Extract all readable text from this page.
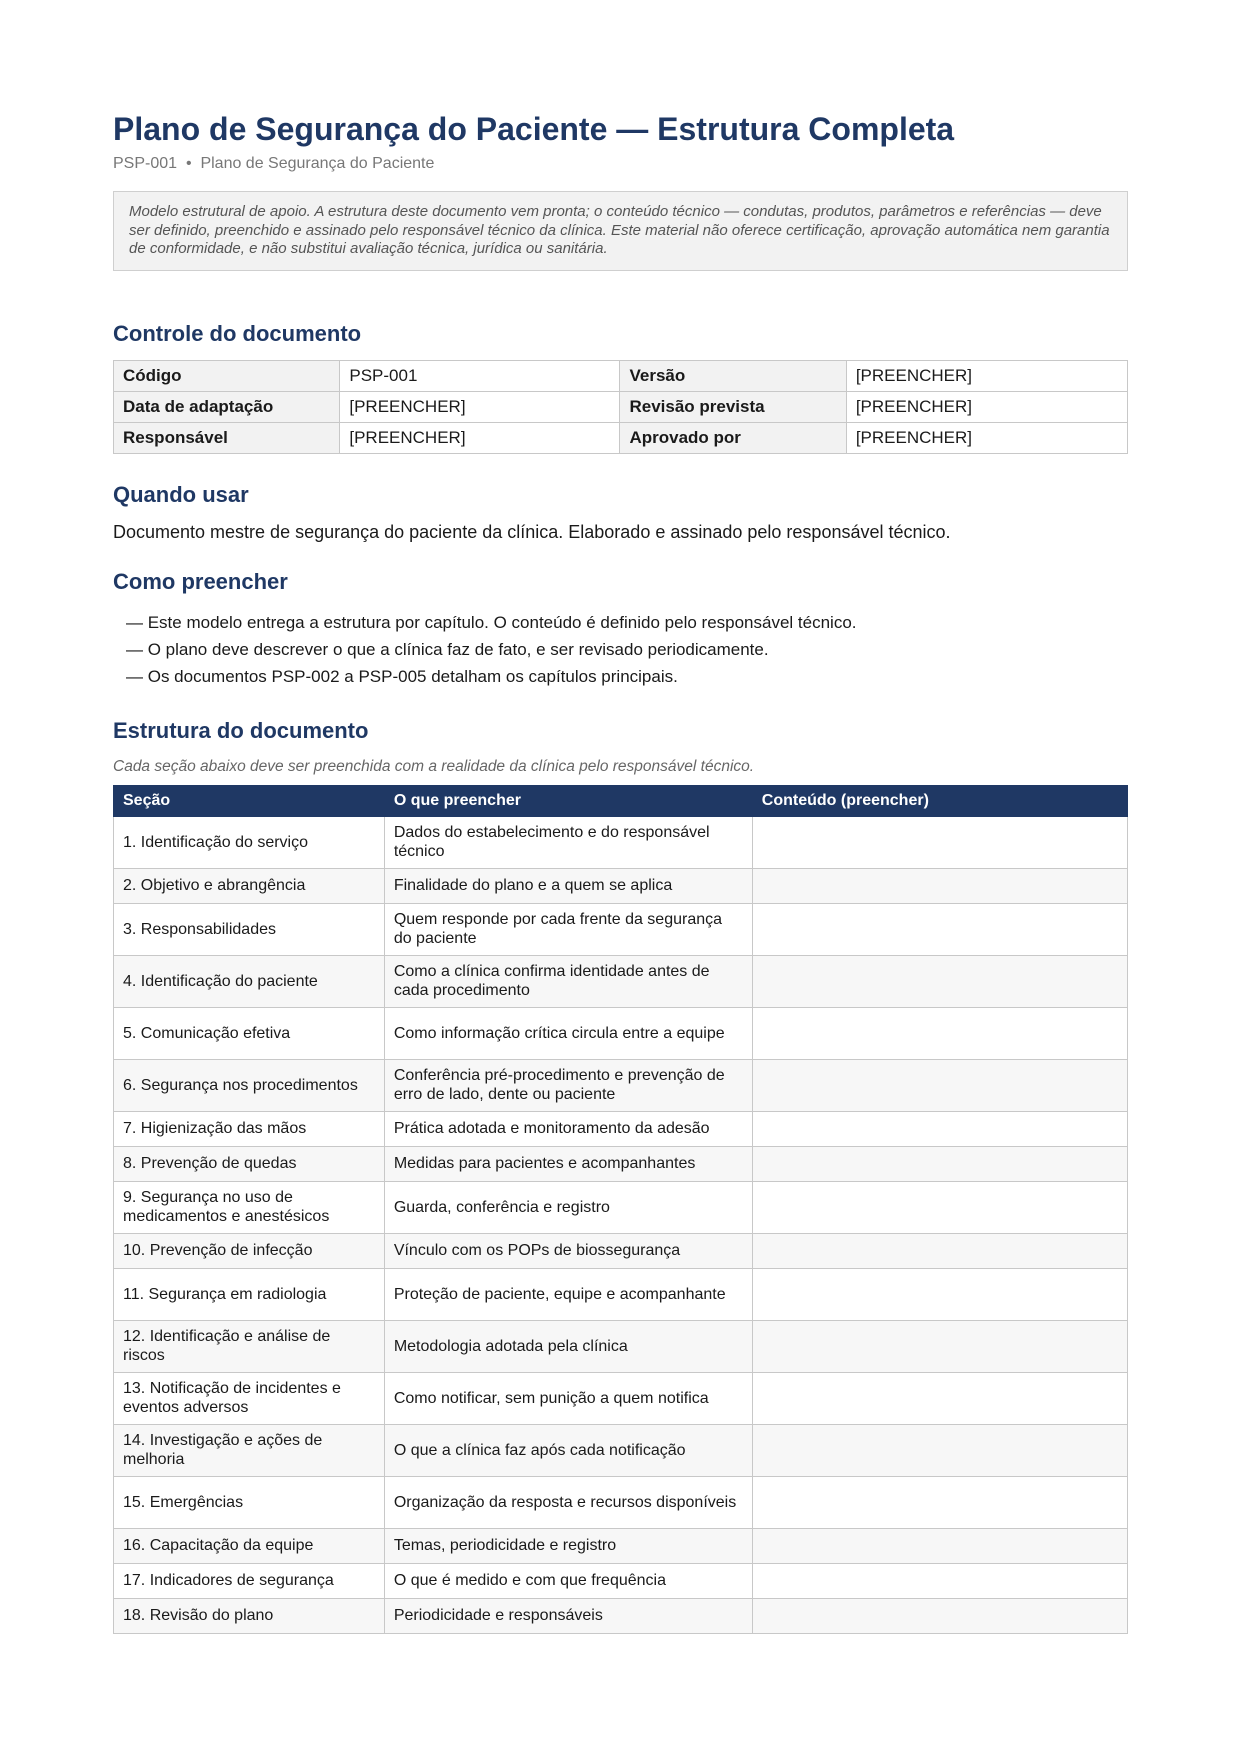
Plano de Segurança do Paciente — Estrutura Completa
PSP-001 • Plano de Segurança do Paciente
Modelo estrutural de apoio. A estrutura deste documento vem pronta; o conteúdo técnico — condutas, produtos, parâmetros e referências — deve ser definido, preenchido e assinado pelo responsável técnico da clínica. Este material não oferece certificação, aprovação automática nem garantia de conformidade, e não substitui avaliação técnica, jurídica ou sanitária.
Controle do documento
Código	PSP-001	Versão	[PREENCHER]
Data de adaptação	[PREENCHER]	Revisão prevista	[PREENCHER]
Responsável	[PREENCHER]	Aprovado por	[PREENCHER]
Quando usar
Documento mestre de segurança do paciente da clínica. Elaborado e assinado pelo responsável técnico.
Como preencher
— Este modelo entrega a estrutura por capítulo. O conteúdo é definido pelo responsável técnico.
— O plano deve descrever o que a clínica faz de fato, e ser revisado periodicamente.
— Os documentos PSP-002 a PSP-005 detalham os capítulos principais.
Estrutura do documento
Cada seção abaixo deve ser preenchida com a realidade da clínica pelo responsável técnico.
Seção	O que preencher	Conteúdo (preencher)
1. Identificação do serviço	Dados do estabelecimento e do responsável técnico	
2. Objetivo e abrangência	Finalidade do plano e a quem se aplica	
3. Responsabilidades	Quem responde por cada frente da segurança do paciente	
4. Identificação do paciente	Como a clínica confirma identidade antes de cada procedimento	
5. Comunicação efetiva	Como informação crítica circula entre a equipe	
6. Segurança nos procedimentos	Conferência pré-procedimento e prevenção de erro de lado, dente ou paciente	
7. Higienização das mãos	Prática adotada e monitoramento da adesão	
8. Prevenção de quedas	Medidas para pacientes e acompanhantes	
9. Segurança no uso de medicamentos e anestésicos	Guarda, conferência e registro	
10. Prevenção de infecção	Vínculo com os POPs de biossegurança	
11. Segurança em radiologia	Proteção de paciente, equipe e acompanhante	
12. Identificação e análise de riscos	Metodologia adotada pela clínica	
13. Notificação de incidentes e eventos adversos	Como notificar, sem punição a quem notifica	
14. Investigação e ações de melhoria	O que a clínica faz após cada notificação	
15. Emergências	Organização da resposta e recursos disponíveis	
16. Capacitação da equipe	Temas, periodicidade e registro	
17. Indicadores de segurança	O que é medido e com que frequência	
18. Revisão do plano	Periodicidade e responsáveis	
